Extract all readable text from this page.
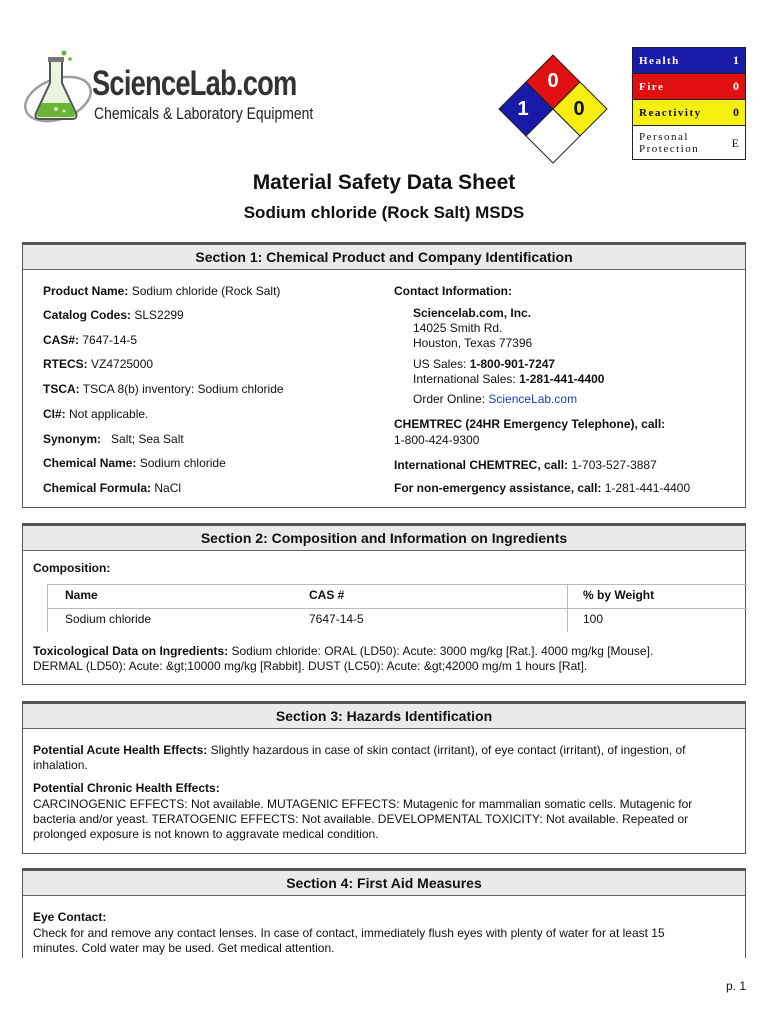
ScienceLab.com
Chemicals & Laboratory Equipment
0
1 0
Health	1
Fire	0
Reactivity	0
Personal Protection	E
Material Safety Data Sheet
Sodium chloride (Rock Salt) MSDS
Section 1: Chemical Product and Company Identification
Product Name: Sodium chloride (Rock Salt)
Catalog Codes: SLS2299
CAS#: 7647-14-5
RTECS: VZ4725000
TSCA: TSCA 8(b) inventory: Sodium chloride
CI#: Not applicable.
Synonym:   Salt; Sea Salt
Chemical Name: Sodium chloride
Chemical Formula: NaCl
Contact Information:
Sciencelab.com, Inc.
14025 Smith Rd.
Houston, Texas 77396
US Sales: 1-800-901-7247
International Sales: 1-281-441-4400
Order Online: ScienceLab.com
CHEMTREC (24HR Emergency Telephone), call:
1-800-424-9300
International CHEMTREC, call: 1-703-527-3887
For non-emergency assistance, call: 1-281-441-4400
Section 2: Composition and Information on Ingredients
Composition:
Name	CAS #	% by Weight
Sodium chloride	7647-14-5	100
Toxicological Data on Ingredients: Sodium chloride: ORAL (LD50): Acute: 3000 mg/kg [Rat.]. 4000 mg/kg [Mouse].
DERMAL (LD50): Acute: &gt;10000 mg/kg [Rabbit]. DUST (LC50): Acute: &gt;42000 mg/m 1 hours [Rat].
Section 3: Hazards Identification
Potential Acute Health Effects: Slightly hazardous in case of skin contact (irritant), of eye contact (irritant), of ingestion, of
inhalation.
Potential Chronic Health Effects:
CARCINOGENIC EFFECTS: Not available. MUTAGENIC EFFECTS: Mutagenic for mammalian somatic cells. Mutagenic for
bacteria and/or yeast. TERATOGENIC EFFECTS: Not available. DEVELOPMENTAL TOXICITY: Not available. Repeated or
prolonged exposure is not known to aggravate medical condition.
Section 4: First Aid Measures
Eye Contact:
Check for and remove any contact lenses. In case of contact, immediately flush eyes with plenty of water for at least 15
minutes. Cold water may be used. Get medical attention.
p. 1
